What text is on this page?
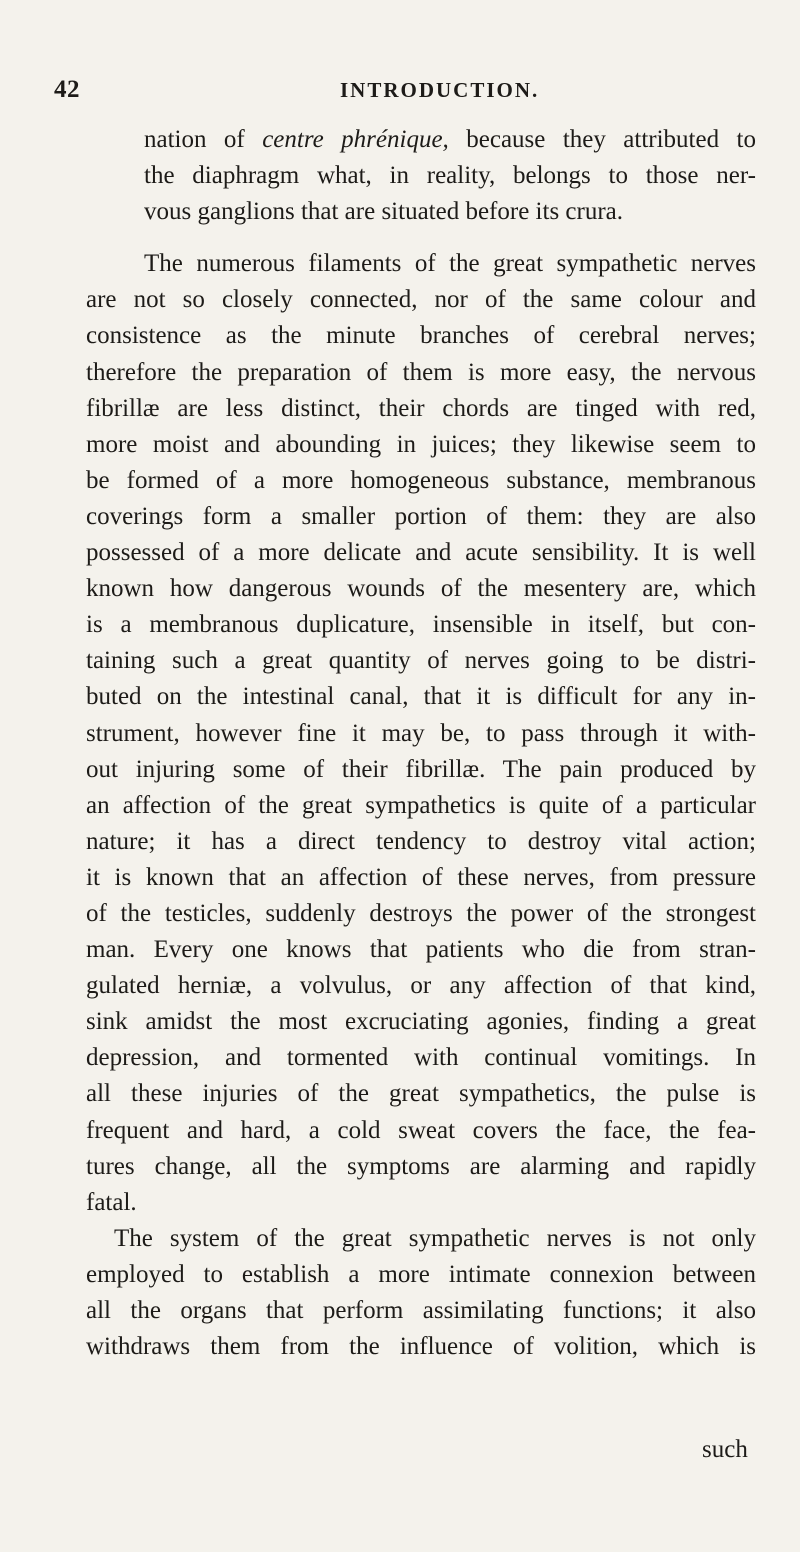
42	INTRODUCTION.
nation of centre phrénique, because they attributed to
the diaphragm what, in reality, belongs to those ner-
vous ganglions that are situated before its crura.
The numerous filaments of the great sympathetic nerves
are not so closely connected, nor of the same colour and
consistence as the minute branches of cerebral nerves;
therefore the preparation of them is more easy, the nervous
fibrillæ are less distinct, their chords are tinged with red,
more moist and abounding in juices; they likewise seem to
be formed of a more homogeneous substance, membranous
coverings form a smaller portion of them: they are also
possessed of a more delicate and acute sensibility. It is well
known how dangerous wounds of the mesentery are, which
is a membranous duplicature, insensible in itself, but con-
taining such a great quantity of nerves going to be distri-
buted on the intestinal canal, that it is difficult for any in-
strument, however fine it may be, to pass through it with-
out injuring some of their fibrillæ. The pain produced by
an affection of the great sympathetics is quite of a particular
nature; it has a direct tendency to destroy vital action;
it is known that an affection of these nerves, from pressure
of the testicles, suddenly destroys the power of the strongest
man. Every one knows that patients who die from stran-
gulated herniæ, a volvulus, or any affection of that kind,
sink amidst the most excruciating agonies, finding a great
depression, and tormented with continual vomitings. In
all these injuries of the great sympathetics, the pulse is
frequent and hard, a cold sweat covers the face, the fea-
tures change, all the symptoms are alarming and rapidly
fatal.
The system of the great sympathetic nerves is not only
employed to establish a more intimate connexion between
all the organs that perform assimilating functions; it also
withdraws them from the influence of volition, which is
such
